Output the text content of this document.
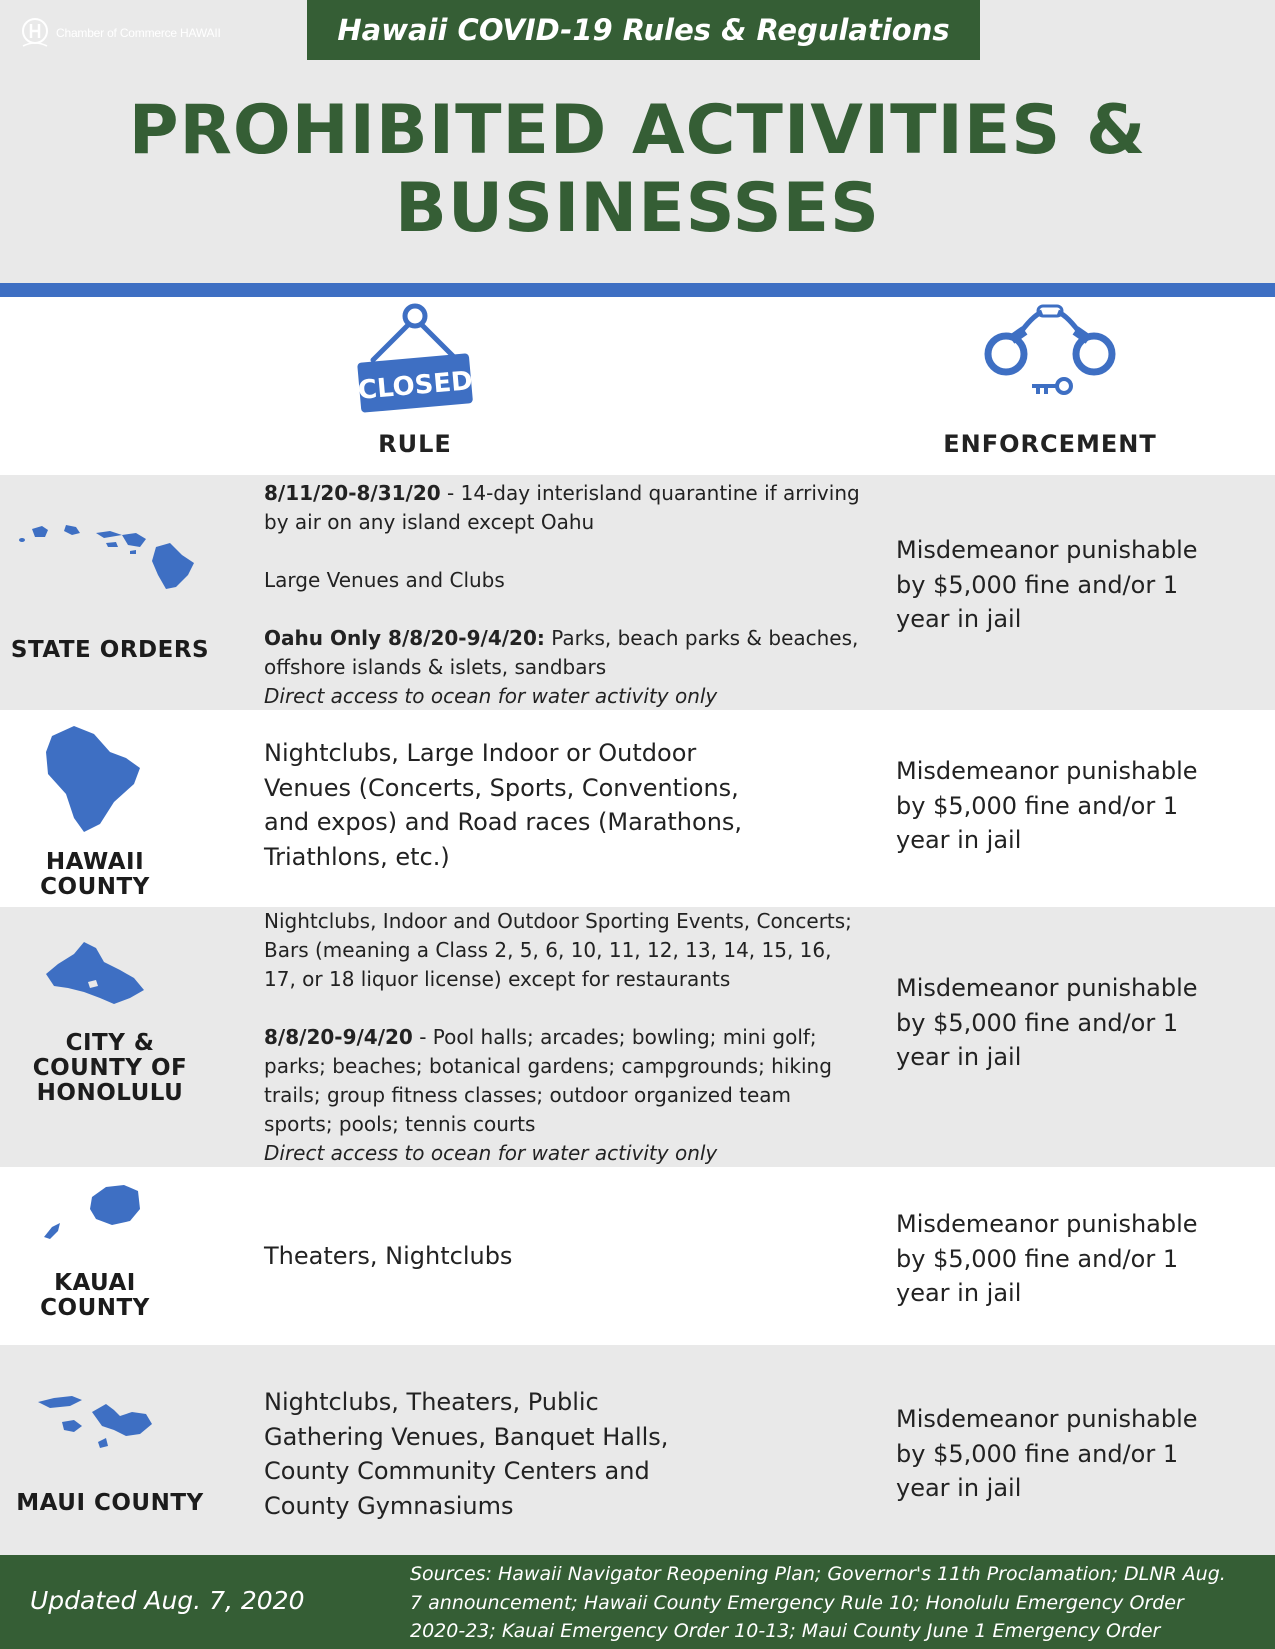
Chamber of Commerce HAWAII	Hawaii COVID-19 Rules & Regulations
PROHIBITED ACTIVITIES &
BUSINESSES
CLOSED
RULE	ENFORCEMENT
STATE ORDERS
8/11/20-8/31/20 - 14-day interisland quarantine if arriving by air on any island except Oahu
Large Venues and Clubs
Oahu Only 8/8/20-9/4/20: Parks, beach parks & beaches, offshore islands & islets, sandbars
Direct access to ocean for water activity only
Misdemeanor punishable by $5,000 fine and/or 1 year in jail
HAWAII
COUNTY
Nightclubs, Large Indoor or Outdoor Venues (Concerts, Sports, Conventions, and expos) and Road races (Marathons, Triathlons, etc.)
Misdemeanor punishable by $5,000 fine and/or 1 year in jail
CITY &
COUNTY OF
HONOLULU
Nightclubs, Indoor and Outdoor Sporting Events, Concerts; Bars (meaning a Class 2, 5, 6, 10, 11, 12, 13, 14, 15, 16, 17, or 18 liquor license) except for restaurants
8/8/20-9/4/20 - Pool halls; arcades; bowling; mini golf; parks; beaches; botanical gardens; campgrounds; hiking trails; group fitness classes; outdoor organized team sports; pools; tennis courts
Direct access to ocean for water activity only
Misdemeanor punishable by $5,000 fine and/or 1 year in jail
KAUAI
COUNTY
Theaters, Nightclubs
Misdemeanor punishable by $5,000 fine and/or 1 year in jail
MAUI COUNTY
Nightclubs, Theaters, Public Gathering Venues, Banquet Halls, County Community Centers and County Gymnasiums
Misdemeanor punishable by $5,000 fine and/or 1 year in jail
Updated Aug. 7, 2020
Sources: Hawaii Navigator Reopening Plan; Governor's 11th Proclamation; DLNR Aug. 7 announcement; Hawaii County Emergency Rule 10; Honolulu Emergency Order 2020-23; Kauai Emergency Order 10-13; Maui County June 1 Emergency Order
